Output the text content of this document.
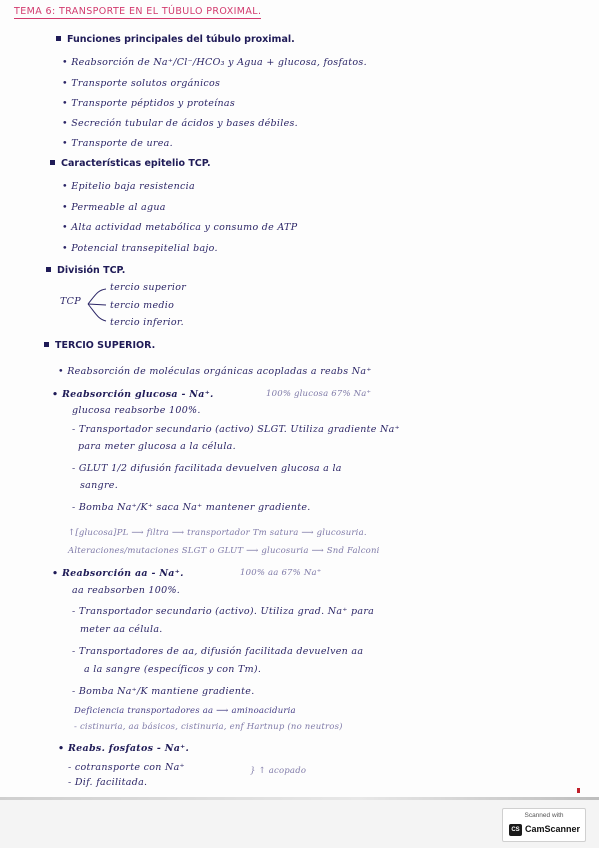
TEMA 6: TRANSPORTE EN EL TÚBULO PROXIMAL.
Funciones principales del túbulo proximal.
• Reabsorción de Na⁺/Cl⁻/HCO₃ y Agua + glucosa, fosfatos.
• Transporte solutos orgánicos
• Transporte péptidos y proteínas
• Secreción tubular de ácidos y bases débiles.
• Transporte de urea.
Características epitelio TCP.
• Epitelio baja resistencia
• Permeable al agua
• Alta actividad metabólica y consumo de ATP
• Potencial transepitelial bajo.
División TCP.
TCP
tercio superior
tercio medio
tercio inferior.
TERCIO SUPERIOR.
• Reabsorción de moléculas orgánicas acopladas a reabs Na⁺
• Reabsorción glucosa - Na⁺.	100% glucosa 67% Na⁺
glucosa reabsorbe 100%.
- Transportador secundario (activo) SLGT. Utiliza gradiente Na⁺
para meter glucosa a la célula.
- GLUT 1/2 difusión facilitada devuelven glucosa a la
sangre.
- Bomba Na⁺/K⁺ saca Na⁺ mantener gradiente.
↑[glucosa]PL ⟶ filtra ⟶ transportador Tm satura ⟶ glucosuria.
Alteraciones/mutaciones SLGT o GLUT ⟶ glucosuria ⟶ Snd Falconi
• Reabsorción aa - Na⁺.	100% aa 67% Na⁺
aa reabsorben 100%.
- Transportador secundario (activo). Utiliza grad. Na⁺ para
meter aa célula.
- Transportadores de aa, difusión facilitada devuelven aa
a la sangre (específicos y con Tm).
- Bomba Na⁺/K mantiene gradiente.
Deficiencia transportadores aa ⟶ aminoaciduria
- cistinuria, aa básicos, cistinuria, enf Hartnup (no neutros)
• Reabs. fosfatos - Na⁺.
- cotransporte con Na⁺
- Dif. facilitada.
} ↑ acopado
Scanned with
CS CamScanner
